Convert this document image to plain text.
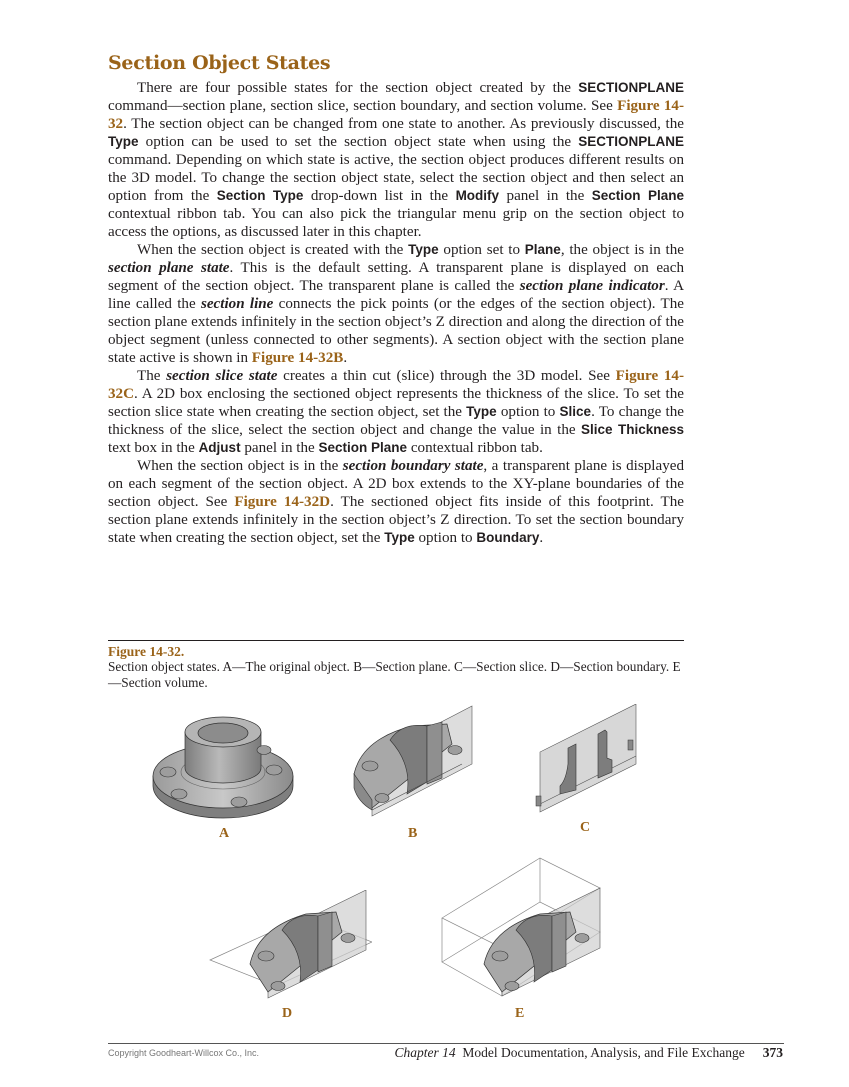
Section Object States

There are four possible states for the section object created by the SECTIONPLANE command—section plane, section slice, section boundary, and section volume. See Figure 14-32. The section object can be changed from one state to another. As previously discussed, the Type option can be used to set the section object state when using the SECTIONPLANE command. Depending on which state is active, the section object produces different results on the 3D model. To change the section object state, select the section object and then select an option from the Section Type drop-down list in the Modify panel in the Section Plane contextual ribbon tab. You can also pick the triangular menu grip on the section object to access the options, as discussed later in this chapter.

When the section object is created with the Type option set to Plane, the object is in the section plane state. This is the default setting. A transparent plane is displayed on each segment of the section object. The transparent plane is called the section plane indicator. A line called the section line connects the pick points (or the edges of the section object). The section plane extends infinitely in the section object’s Z direction and along the direction of the object segment (unless connected to other segments). A section object with the section plane state active is shown in Figure 14-32B.

The section slice state creates a thin cut (slice) through the 3D model. See Figure 14-32C. A 2D box enclosing the sectioned object represents the thickness of the slice. To set the section slice state when creating the section object, set the Type option to Slice. To change the thickness of the slice, select the section object and change the value in the Slice Thickness text box in the Adjust panel in the Section Plane contextual ribbon tab.

When the section object is in the section boundary state, a transparent plane is displayed on each segment of the section object. A 2D box extends to the XY-plane boundaries of the section object. See Figure 14-32D. The sectioned object fits inside of this footprint. The section plane extends infinitely in the section object’s Z direction. To set the section boundary state when creating the section object, set the Type option to Boundary.

Figure 14-32.
Section object states. A—The original object. B—Section plane. C—Section slice. D—Section boundary. E—Section volume.
A	B	C
D	E
Copyright Goodheart-Willcox Co., Inc.	Chapter 14 Model Documentation, Analysis, and File Exchange 373
